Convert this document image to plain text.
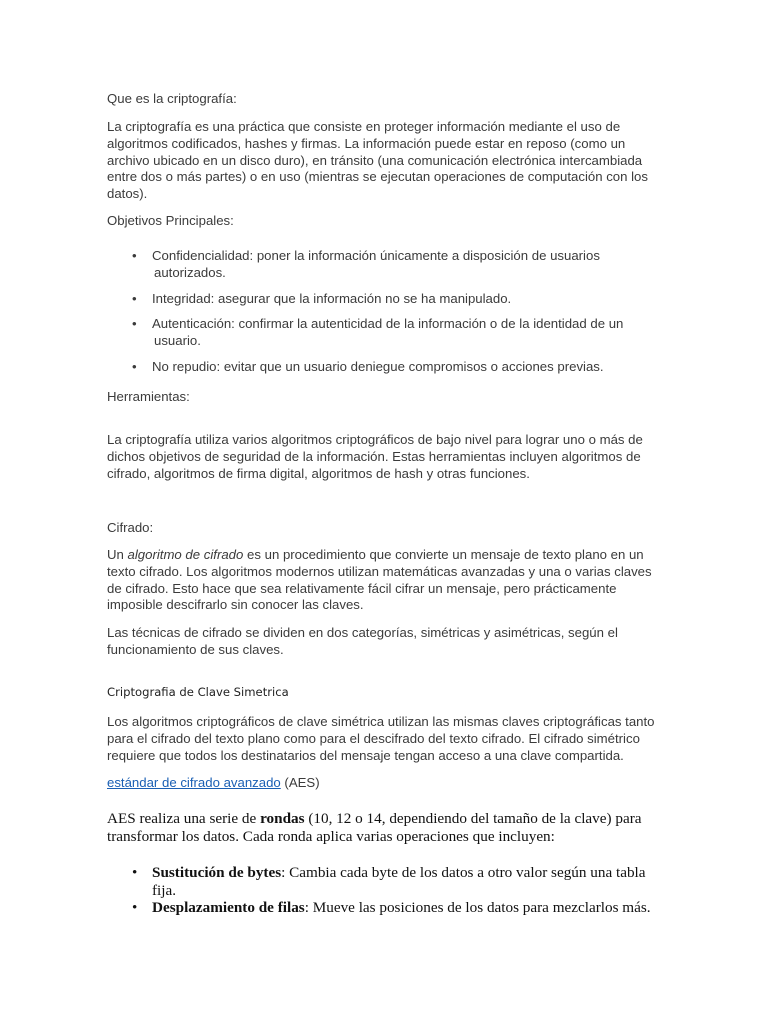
Que es la criptografía:

La criptografía es una práctica que consiste en proteger información mediante el uso de algoritmos codificados, hashes y firmas. La información puede estar en reposo (como un archivo ubicado en un disco duro), en tránsito (una comunicación electrónica intercambiada entre dos o más partes) o en uso (mientras se ejecutan operaciones de computación con los datos).

Objetivos Principales:

• Confidencialidad: poner la información únicamente a disposición de usuarios
autorizados.
• Integridad: asegurar que la información no se ha manipulado.
• Autenticación: confirmar la autenticidad de la información o de la identidad de un
usuario.
• No repudio: evitar que un usuario deniegue compromisos o acciones previas.

Herramientas:

La criptografía utiliza varios algoritmos criptográficos de bajo nivel para lograr uno o más de dichos objetivos de seguridad de la información. Estas herramientas incluyen algoritmos de cifrado, algoritmos de firma digital, algoritmos de hash y otras funciones.

Cifrado:

Un algoritmo de cifrado es un procedimiento que convierte un mensaje de texto plano en un texto cifrado. Los algoritmos modernos utilizan matemáticas avanzadas y una o varias claves de cifrado. Esto hace que sea relativamente fácil cifrar un mensaje, pero prácticamente imposible descifrarlo sin conocer las claves.

Las técnicas de cifrado se dividen en dos categorías, simétricas y asimétricas, según el funcionamiento de sus claves.

Criptografia de Clave Simetrica

Los algoritmos criptográficos de clave simétrica utilizan las mismas claves criptográficas tanto para el cifrado del texto plano como para el descifrado del texto cifrado. El cifrado simétrico requiere que todos los destinatarios del mensaje tengan acceso a una clave compartida.

estándar de cifrado avanzado (AES)

AES realiza una serie de rondas (10, 12 o 14, dependiendo del tamaño de la clave) para transformar los datos. Cada ronda aplica varias operaciones que incluyen:

• Sustitución de bytes: Cambia cada byte de los datos a otro valor según una tabla fija.
• Desplazamiento de filas: Mueve las posiciones de los datos para mezclarlos más.
